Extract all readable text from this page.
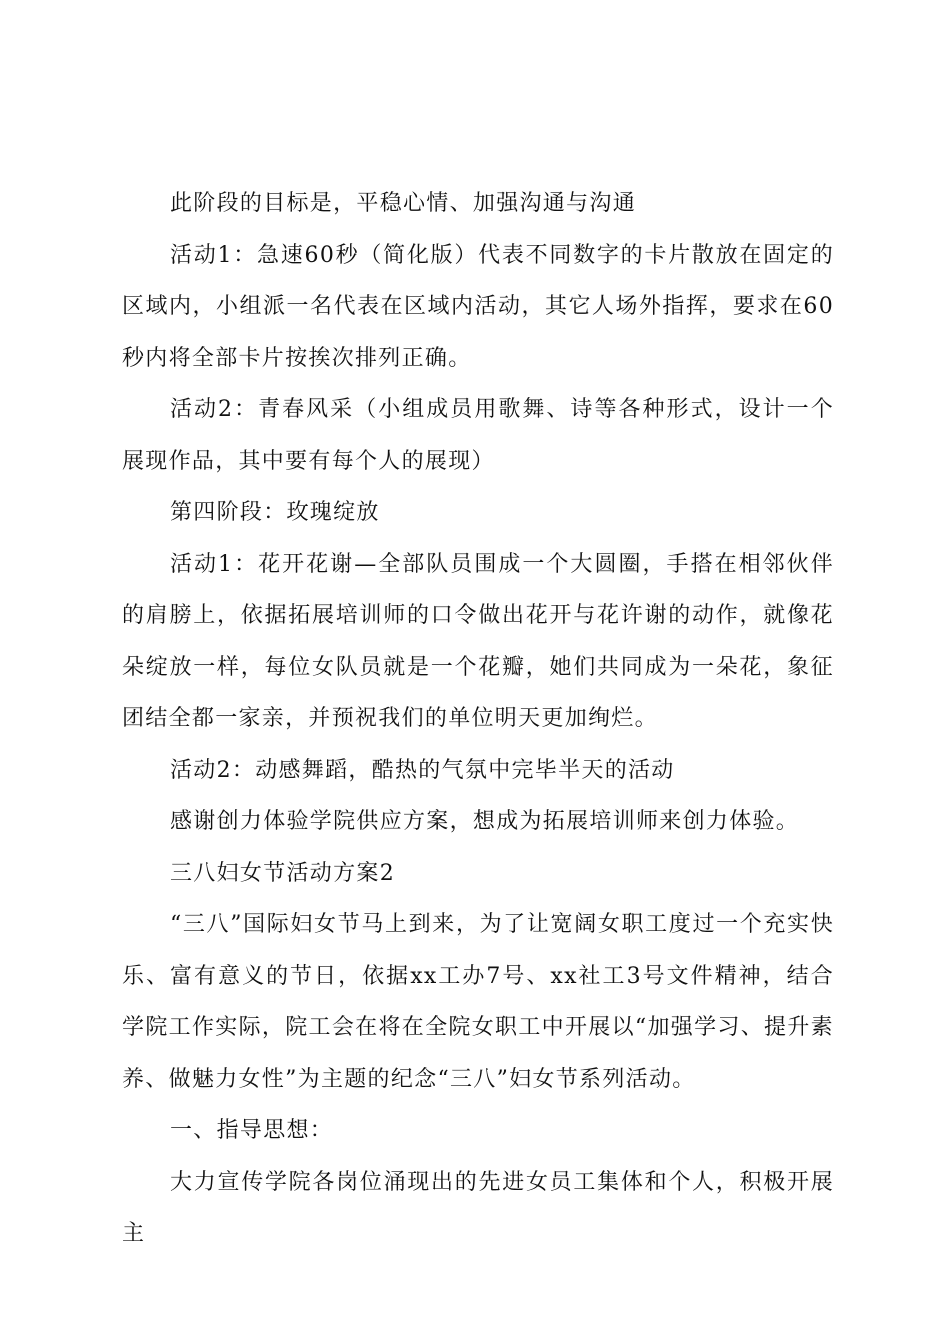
此阶段的目标是，平稳心情、加强沟通与沟通

活动1：急速60秒（简化版）代表不同数字的卡片散放在固定的区域内，小组派一名代表在区域内活动，其它人场外指挥，要求在60秒内将全部卡片按挨次排列正确。

活动2：青春风采（小组成员用歌舞、诗等各种形式，设计一个展现作品，其中要有每个人的展现）

第四阶段：玫瑰绽放

活动1：花开花谢—全部队员围成一个大圆圈，手搭在相邻伙伴的肩膀上，依据拓展培训师的口令做出花开与花许谢的动作，就像花朵绽放一样，每位女队员就是一个花瓣，她们共同成为一朵花，象征团结全都一家亲，并预祝我们的单位明天更加绚烂。

活动2：动感舞蹈，酷热的气氛中完毕半天的活动

感谢创力体验学院供应方案，想成为拓展培训师来创力体验。

三八妇女节活动方案2

“三八”国际妇女节马上到来，为了让宽阔女职工度过一个充实快乐、富有意义的节日，依据xx工办7号、xx社工3号文件精神，结合学院工作实际，院工会在将在全院女职工中开展以“加强学习、提升素养、做魅力女性”为主题的纪念“三八”妇女节系列活动。

一、指导思想：

大力宣传学院各岗位涌现出的先进女员工集体和个人，积极开展主
